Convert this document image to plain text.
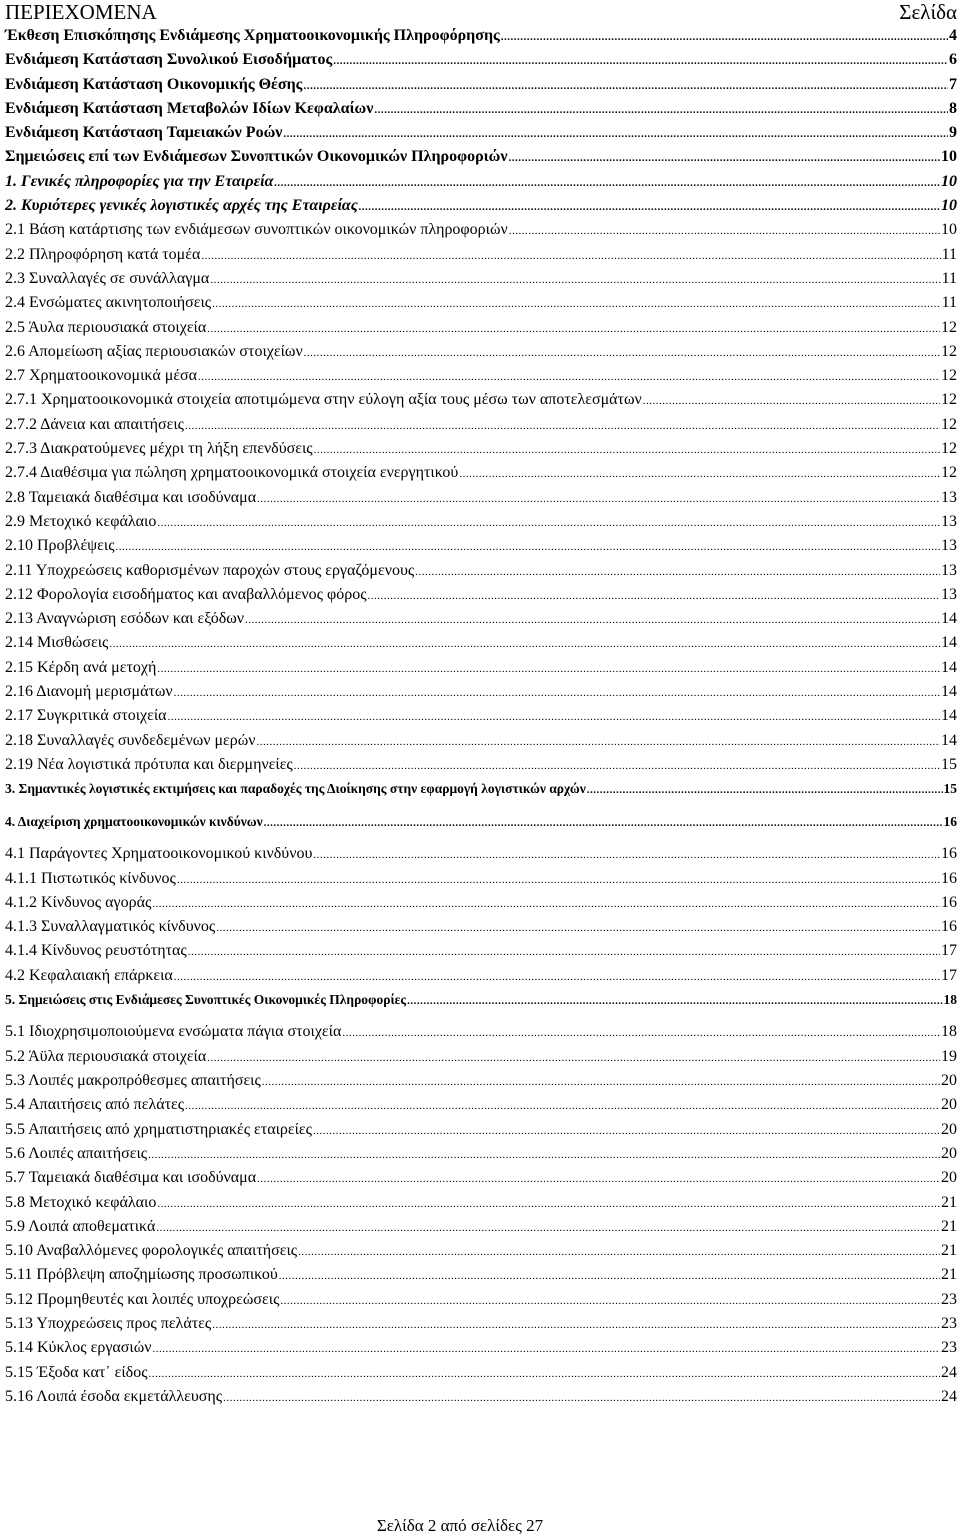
ΠΕΡΙΕΧΟΜΕΝΑ	Σελίδα
Έκθεση Επισκόπησης Ενδιάμεσης Χρηματοοικονομικής Πληροφόρησης .....	4
Ενδιάμεση Κατάσταση Συνολικού Εισοδήματος .....	6
Ενδιάμεση Κατάσταση Οικονομικής Θέσης .....	7
Ενδιάμεση Κατάσταση Μεταβολών Ιδίων Κεφαλαίων .....	8
Ενδιάμεση Κατάσταση Ταμειακών Ροών .....	9
Σημειώσεις επί των Ενδιάμεσων Συνοπτικών Οικονομικών Πληροφοριών .....	10
1. Γενικές πληροφορίες για την Εταιρεία .....	10
2. Κυριότερες γενικές λογιστικές αρχές της Εταιρείας .....	10
2.1 Βάση κατάρτισης των ενδιάμεσων συνοπτικών οικονομικών πληροφοριών .....	10
2.2 Πληροφόρηση κατά τομέα .....	11
2.3 Συναλλαγές σε συνάλλαγμα .....	11
2.4 Ενσώματες ακινητοποιήσεις .....	11
2.5 Άυλα περιουσιακά στοιχεία .....	12
2.6 Απομείωση αξίας περιουσιακών στοιχείων .....	12
2.7 Χρηματοοικονομικά μέσα .....	12
2.7.1 Χρηματοοικονομικά στοιχεία αποτιμώμενα στην εύλογη αξία τους μέσω των αποτελεσμάτων .....	12
2.7.2 Δάνεια και απαιτήσεις .....	12
2.7.3 Διακρατούμενες μέχρι τη λήξη επενδύσεις .....	12
2.7.4 Διαθέσιμα για πώληση χρηματοοικονομικά στοιχεία ενεργητικού .....	12
2.8 Ταμειακά διαθέσιμα και ισοδύναμα .....	13
2.9 Μετοχικό κεφάλαιο .....	13
2.10 Προβλέψεις .....	13
2.11 Υποχρεώσεις καθορισμένων παροχών στους εργαζόμενους .....	13
2.12 Φορολογία εισοδήματος και αναβαλλόμενος φόρος .....	13
2.13 Αναγνώριση εσόδων και εξόδων .....	14
2.14 Μισθώσεις .....	14
2.15 Κέρδη ανά μετοχή .....	14
2.16 Διανομή μερισμάτων .....	14
2.17 Συγκριτικά στοιχεία .....	14
2.18 Συναλλαγές συνδεδεμένων μερών .....	14
2.19 Νέα λογιστικά πρότυπα και διερμηνείες .....	15
3. Σημαντικές λογιστικές εκτιμήσεις και παραδοχές της Διοίκησης στην εφαρμογή λογιστικών αρχών .....	15
4. Διαχείριση χρηματοοικονομικών κινδύνων .....	16
4.1 Παράγοντες Χρηματοοικονομικού κινδύνου .....	16
4.1.1 Πιστωτικός κίνδυνος .....	16
4.1.2 Κίνδυνος αγοράς .....	16
4.1.3 Συναλλαγματικός κίνδυνος .....	16
4.1.4 Κίνδυνος ρευστότητας .....	17
4.2 Κεφαλαιακή επάρκεια .....	17
5. Σημειώσεις στις Ενδιάμεσες Συνοπτικές Οικονομικές Πληροφορίες .....	18
5.1 Ιδιοχρησιμοποιούμενα ενσώματα πάγια στοιχεία .....	18
5.2 Άϋλα περιουσιακά στοιχεία .....	19
5.3 Λοιπές μακροπρόθεσμες απαιτήσεις .....	20
5.4 Απαιτήσεις από πελάτες .....	20
5.5 Απαιτήσεις από χρηματιστηριακές εταιρείες .....	20
5.6 Λοιπές απαιτήσεις .....	20
5.7 Ταμειακά διαθέσιμα και ισοδύναμα .....	20
5.8 Μετοχικό κεφάλαιο .....	21
5.9 Λοιπά αποθεματικά .....	21
5.10 Αναβαλλόμενες φορολογικές απαιτήσεις .....	21
5.11 Πρόβλεψη αποζημίωσης προσωπικού .....	21
5.12 Προμηθευτές και λοιπές υποχρεώσεις .....	23
5.13 Υποχρεώσεις προς πελάτες .....	23
5.14 Κύκλος εργασιών .....	23
5.15 Έξοδα κατ᾽ είδος .....	24
5.16 Λοιπά έσοδα εκμετάλλευσης .....	24
Σελίδα 2 από σελίδες 27
